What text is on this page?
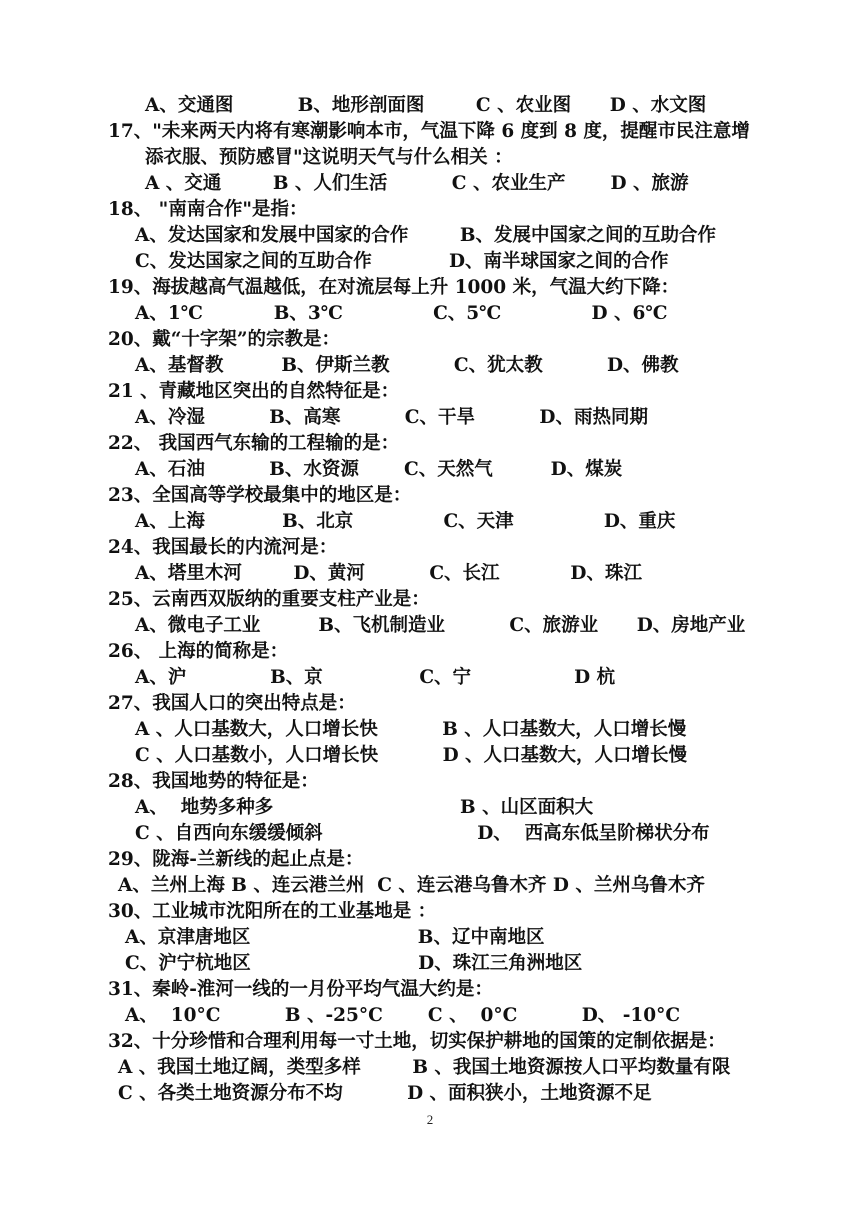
A、交通图          B、地形剖面图        C 、农业图      D 、水文图
17、"未来两天内将有寒潮影响本市，气温下降 6 度到 8 度，提醒市民注意增
添衣服、预防感冒"这说明天气与什么相关 ：
A 、交通        B 、人们生活          C 、农业生产       D 、旅游
18、 "南南合作"是指：
A、发达国家和发展中国家的合作        B、发展中国家之间的互助合作
C、发达国家之间的互助合作            D、南半球国家之间的合作
19、海拔越高气温越低，在对流层每上升 1000 米，气温大约下降：
A、1℃           B、3℃              C、5℃              D 、6℃
20、戴“十字架”的宗教是：
A、基督教         B、伊斯兰教          C、犹太教          D、佛教
21 、青藏地区突出的自然特征是：
A、冷湿          B、高寒          C、干旱          D、雨热同期
22、 我国西气东输的工程输的是：
A、石油          B、水资源       C、天然气         D、煤炭
23、全国高等学校最集中的地区是：
A、上海            B、北京              C、天津              D、重庆
24、我国最长的内流河是：
A、塔里木河        D、黄河          C、长江           D、珠江
25、云南西双版纳的重要支柱产业是：
A、微电子工业         B、飞机制造业          C、旅游业      D、房地产业
26、 上海的简称是：
A、沪             B、京               C、宁                D 杭
27、我国人口的突出特点是：
A 、人口基数大，人口增长快          B 、人口基数大，人口增长慢
C 、人口基数小，人口增长快          D 、人口基数大，人口增长慢
28、我国地势的特征是：
A、  地势多种多                             B 、山区面积大
C 、自西向东缓缓倾斜                        D、  西高东低呈阶梯状分布
29、陇海-兰新线的起止点是：
A、兰州上海 B 、连云港兰州  C 、连云港乌鲁木齐 D 、兰州乌鲁木齐
30、工业城市沈阳所在的工业基地是 ：
A、京津唐地区                          B、辽中南地区
C、沪宁杭地区                          D、珠江三角洲地区
31、秦岭-淮河一线的一月份平均气温大约是：
A、  10°C          B 、-25°C       C 、  0°C          D、 -10°C
32、十分珍惜和合理利用每一寸土地，切实保护耕地的国策的定制依据是：
A 、我国土地辽阔，类型多样        B 、我国土地资源按人口平均数量有限
C 、各类土地资源分布不均          D 、面积狭小，土地资源不足
2
